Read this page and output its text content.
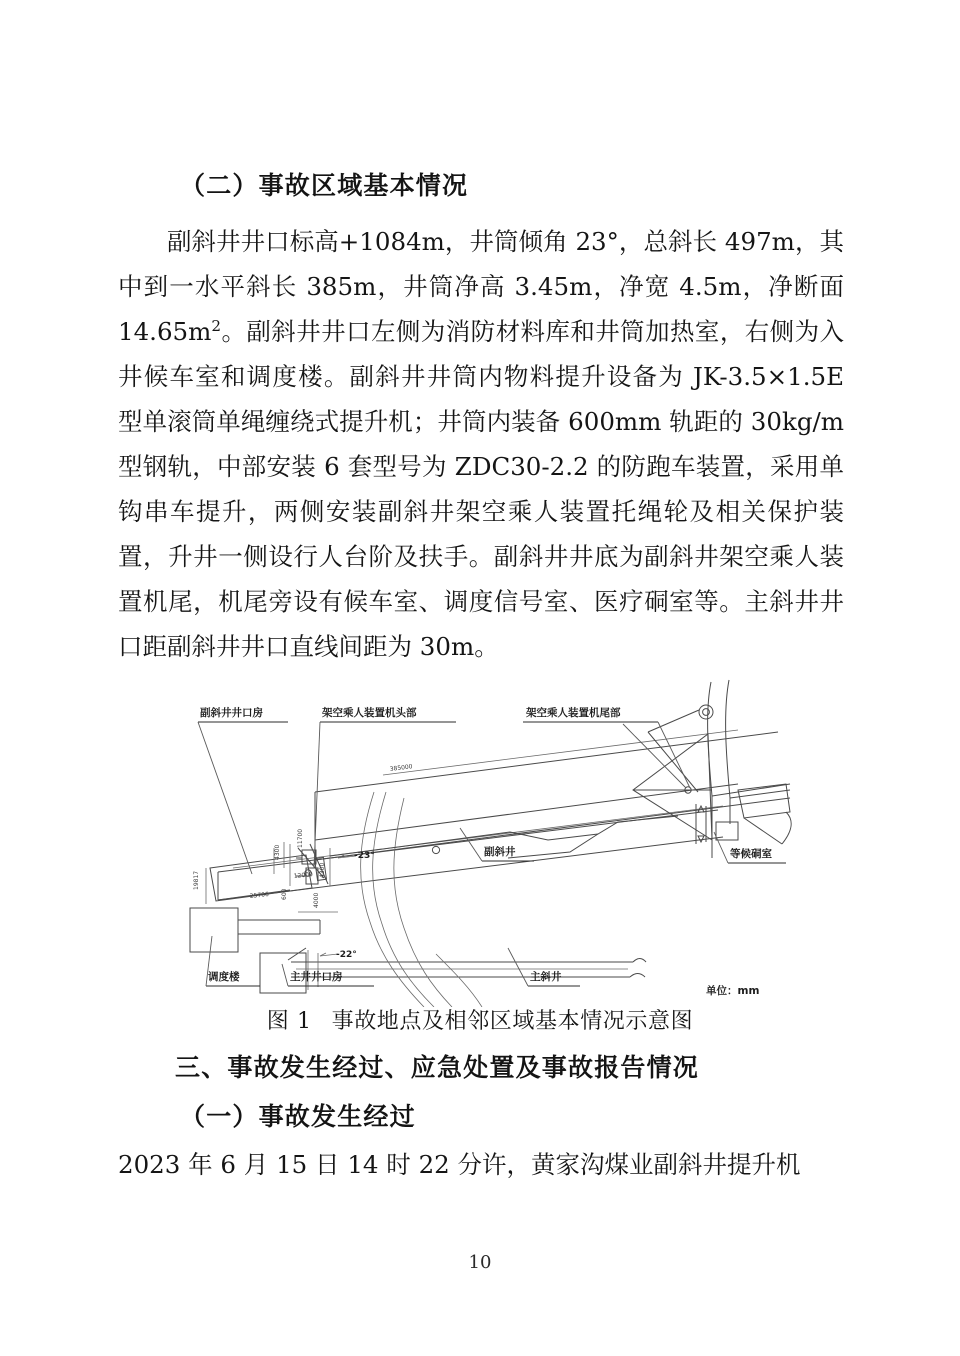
（二）事故区域基本情况
副斜井井口标高+1084m，井筒倾角 23°，总斜长 497m，其中到一水平斜长 385m，井筒净高 3.45m，净宽 4.5m，净断面 $14.65m^2$。副斜井井口左侧为消防材料库和井筒加热室，右侧为入井候车室和调度楼。副斜井井筒内物料提升设备为 JK-3.5×1.5E 型单滚筒单绳缠绕式提升机；井筒内装备 600mm 轨距的 30kg/m 型钢轨，中部安装 6 套型号为 ZDC30-2.2 的防跑车装置，采用单钩串车提升，两侧安装副斜井架空乘人装置托绳轮及相关保护装置，升井一侧设行人台阶及扶手。副斜井井底为副斜井架空乘人装置机尾，机尾旁设有候车室、调度信号室、医疗硐室等。主斜井井口距副斜井井口直线间距为 30m。
385000
4300
11700
12000
25706 600
4300
4000
19817
-23°
-22°
副斜井井口房	架空乘人装置机头部	架空乘人装置机尾部
副斜井	等候硐室
调度楼	主井井口房	主斜井
单位：mm
图 1 事故地点及相邻区域基本情况示意图
三、事故发生经过、应急处置及事故报告情况
（一）事故发生经过
2023 年 6 月 15 日 14 时 22 分许，黄家沟煤业副斜井提升机
10
